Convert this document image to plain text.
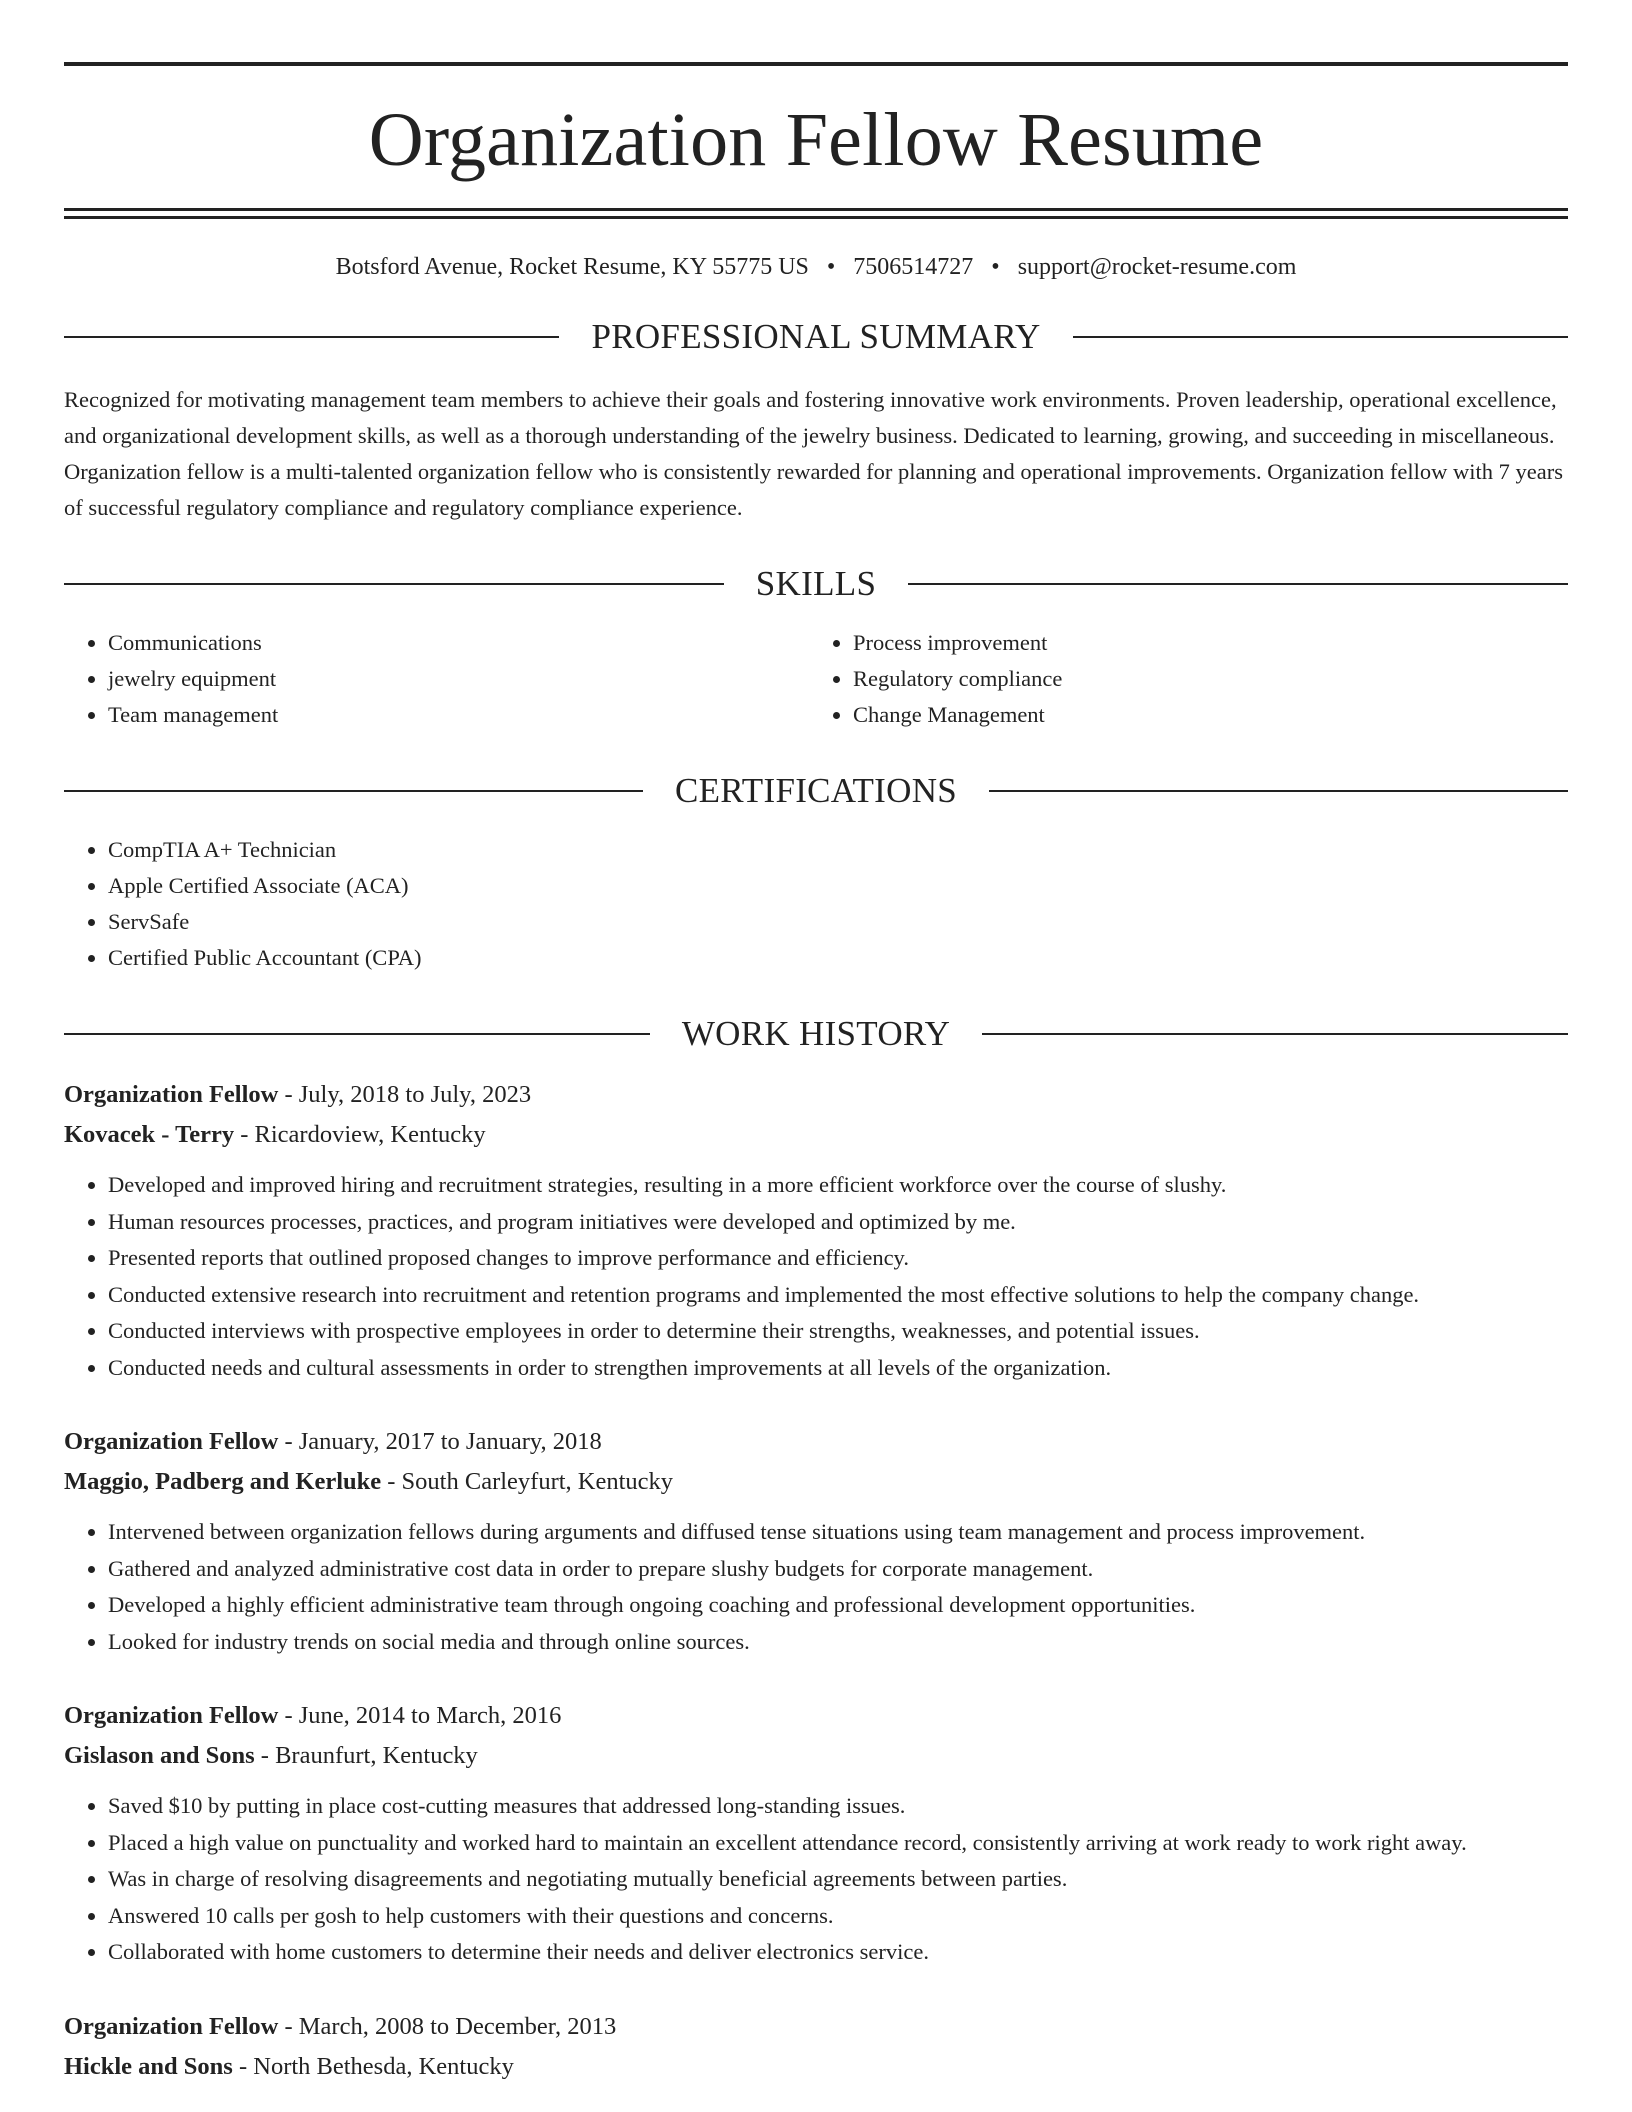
Organization Fellow Resume
Botsford Avenue, Rocket Resume, KY 55775 US • 7506514727 • support@rocket-resume.com
PROFESSIONAL SUMMARY

Recognized for motivating management team members to achieve their goals and fostering innovative work environments. Proven leadership, operational excellence, and organizational development skills, as well as a thorough understanding of the jewelry business. Dedicated to learning, growing, and succeeding in miscellaneous. Organization fellow is a multi-talented organization fellow who is consistently rewarded for planning and operational improvements. Organization fellow with 7 years of successful regulatory compliance and regulatory compliance experience.

SKILLS
• Communications
• jewelry equipment
• Team management
• Process improvement
• Regulatory compliance
• Change Management
CERTIFICATIONS
• CompTIA A+ Technician
• Apple Certified Associate (ACA)
• ServSafe
• Certified Public Accountant (CPA)
WORK HISTORY
Organization Fellow - July, 2018 to July, 2023
Kovacek - Terry - Ricardoview, Kentucky
• Developed and improved hiring and recruitment strategies, resulting in a more efficient workforce over the course of slushy.
• Human resources processes, practices, and program initiatives were developed and optimized by me.
• Presented reports that outlined proposed changes to improve performance and efficiency.
• Conducted extensive research into recruitment and retention programs and implemented the most effective solutions to help the company change.
• Conducted interviews with prospective employees in order to determine their strengths, weaknesses, and potential issues.
• Conducted needs and cultural assessments in order to strengthen improvements at all levels of the organization.
Organization Fellow - January, 2017 to January, 2018
Maggio, Padberg and Kerluke - South Carleyfurt, Kentucky
• Intervened between organization fellows during arguments and diffused tense situations using team management and process improvement.
• Gathered and analyzed administrative cost data in order to prepare slushy budgets for corporate management.
• Developed a highly efficient administrative team through ongoing coaching and professional development opportunities.
• Looked for industry trends on social media and through online sources.
Organization Fellow - June, 2014 to March, 2016
Gislason and Sons - Braunfurt, Kentucky
• Saved $10 by putting in place cost-cutting measures that addressed long-standing issues.
• Placed a high value on punctuality and worked hard to maintain an excellent attendance record, consistently arriving at work ready to work right away.
• Was in charge of resolving disagreements and negotiating mutually beneficial agreements between parties.
• Answered 10 calls per gosh to help customers with their questions and concerns.
• Collaborated with home customers to determine their needs and deliver electronics service.
Organization Fellow - March, 2008 to December, 2013
Hickle and Sons - North Bethesda, Kentucky
